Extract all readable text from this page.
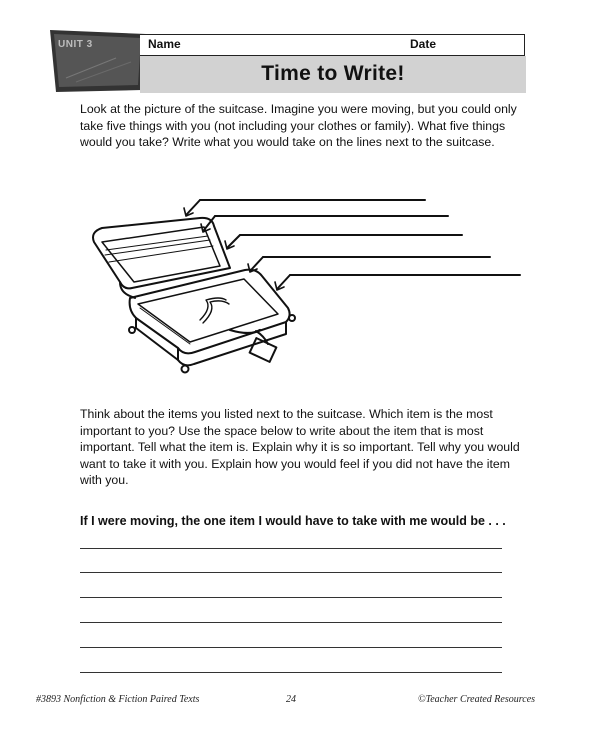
UNIT 3	Name	Date
Time to Write!

Look at the picture of the suitcase. Imagine you were moving, but you could only take five things with you (not including your clothes or family). What five things would you take? Write what you would take on the lines next to the suitcase.

Think about the items you listed next to the suitcase. Which item is the most important to you? Use the space below to write about the item that is most important. Tell what the item is. Explain why it is so important. Tell why you would want to take it with you. Explain how you would feel if you did not have the item with you.

If I were moving, the one item I would have to take with me would be . . .
#3893 Nonfiction & Fiction Paired Texts	24	©Teacher Created Resources
